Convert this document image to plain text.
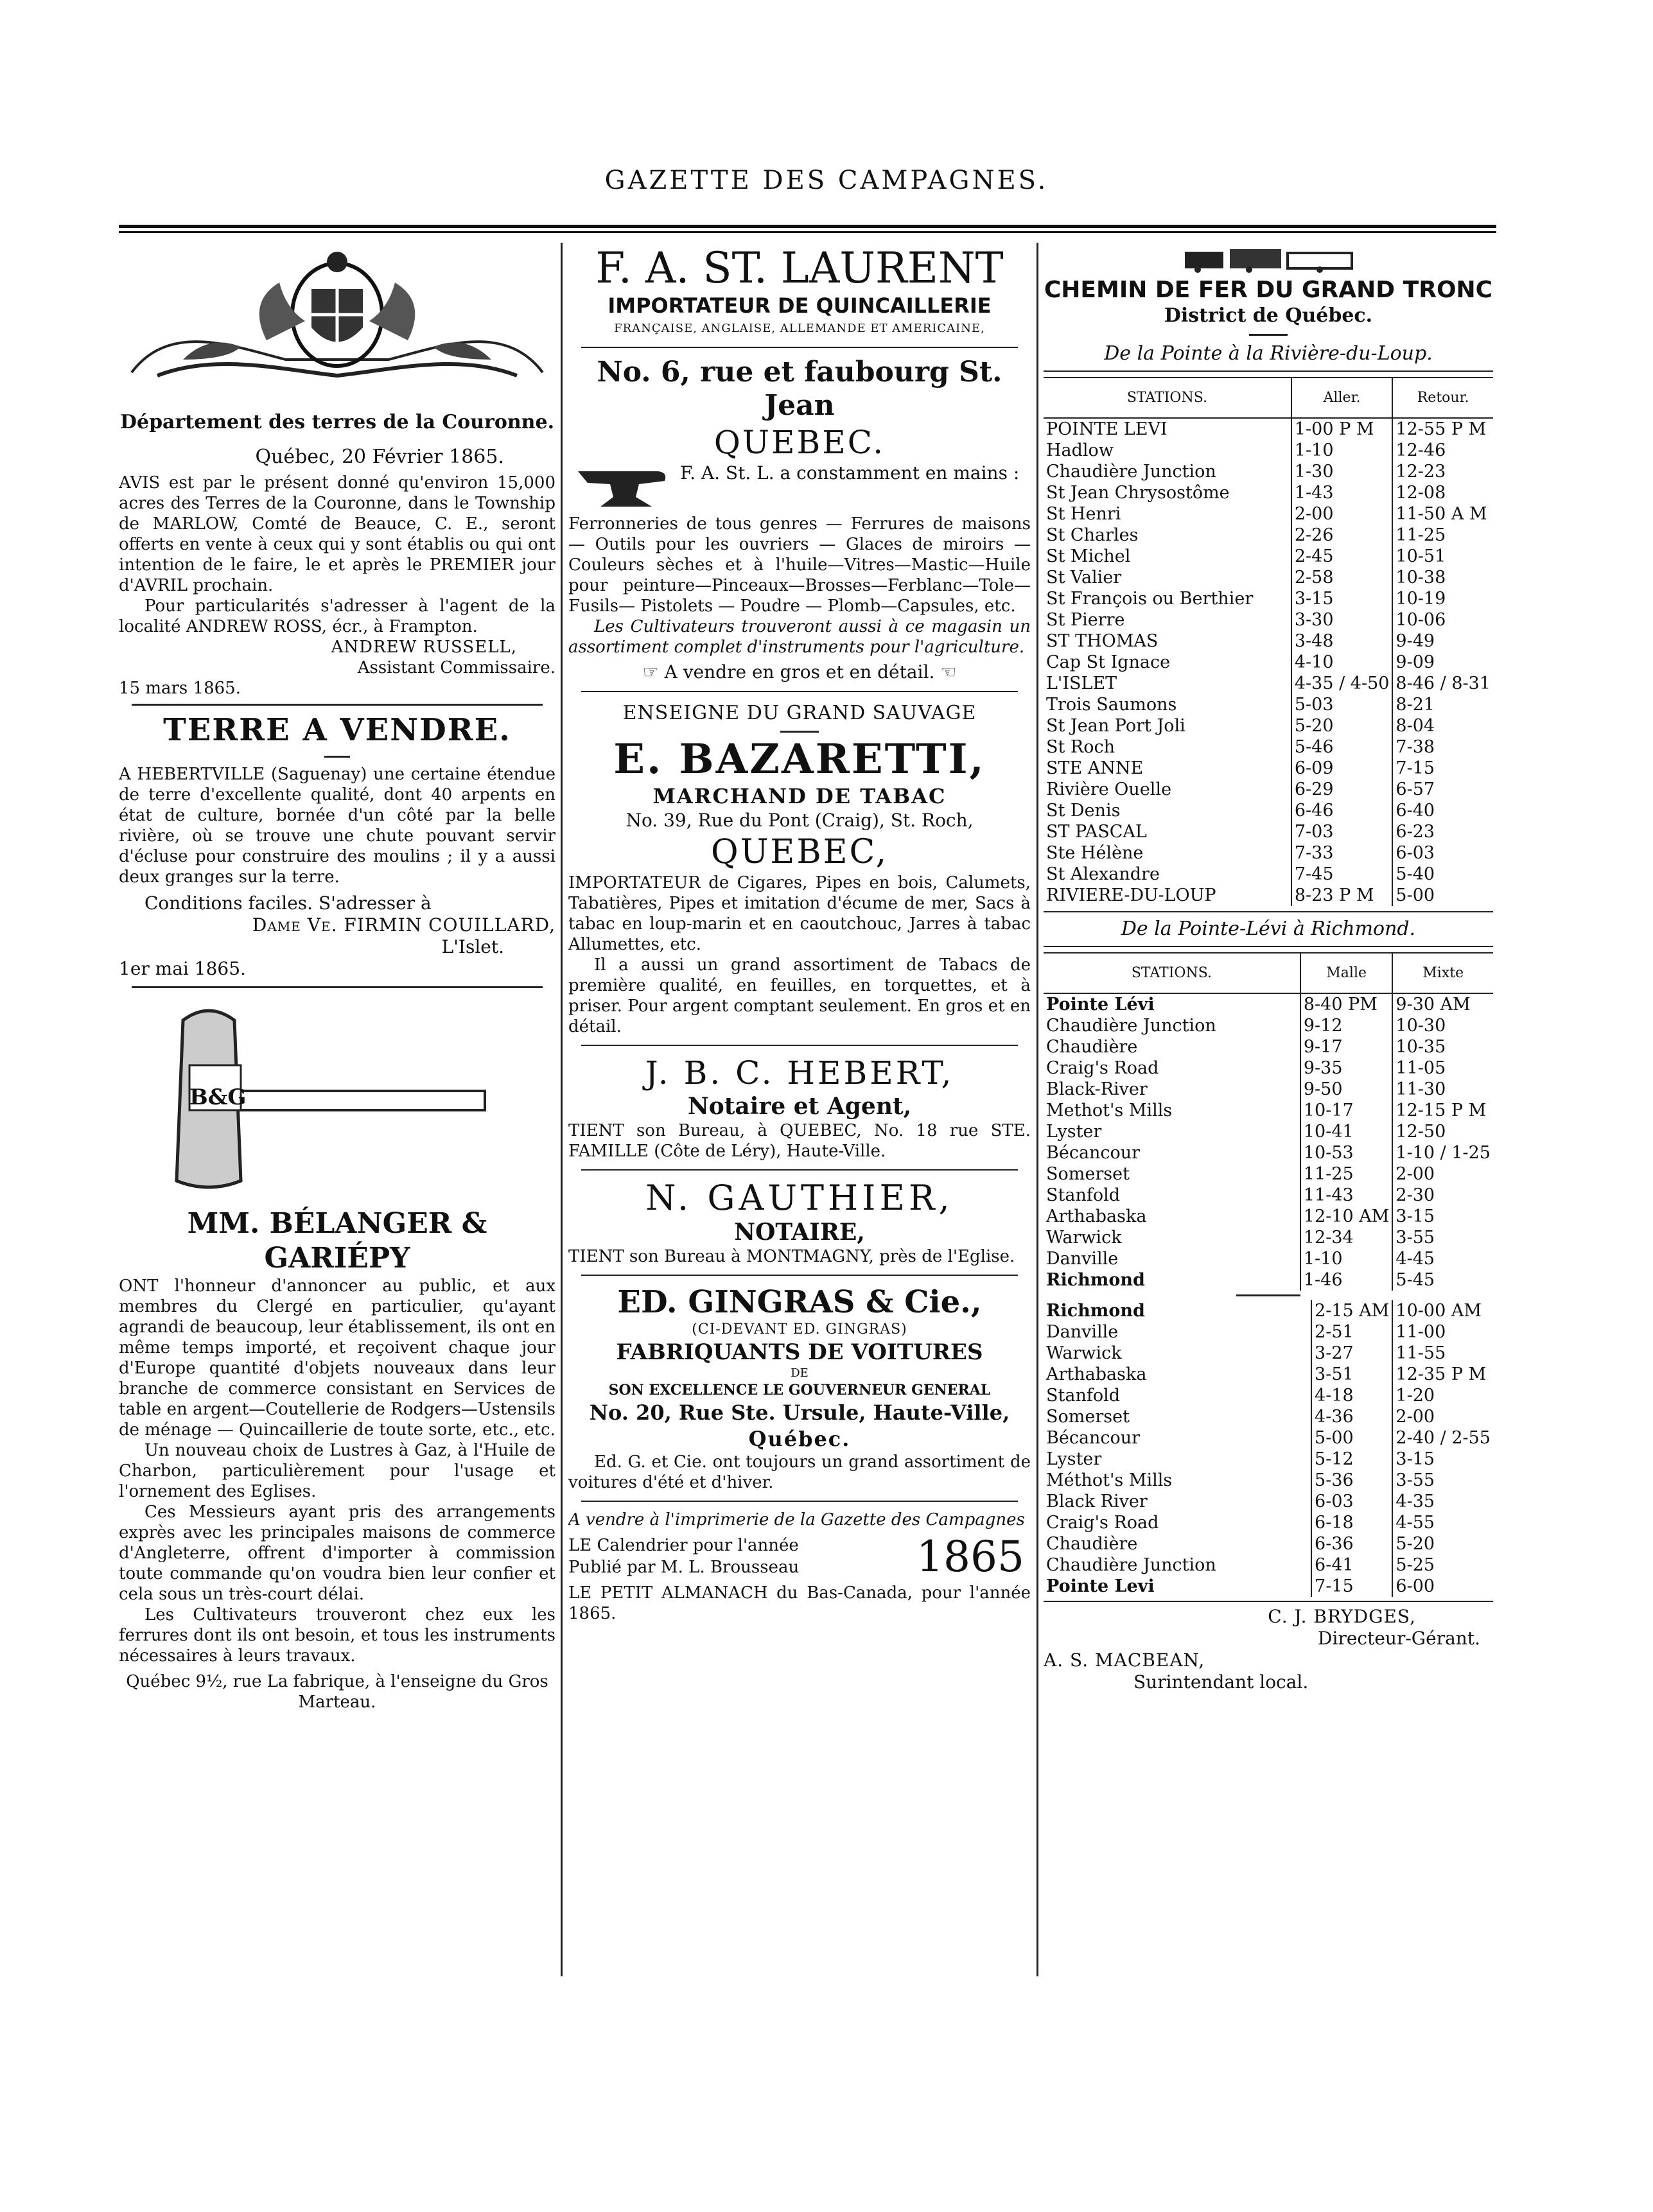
GAZETTE DES CAMPAGNES.

Département des terres de la Couronne.

Québec, 20 Février 1865.

AVIS est par le présent donné qu'environ 15,000 acres des Terres de la Couronne, dans le Township de MARLOW, Comté de Beauce, C. E., seront offerts en vente à ceux qui y sont établis ou qui ont intention de le faire, le et après le PREMIER jour d'AVRIL prochain.

Pour particularités s'adresser à l'agent de la localité ANDREW ROSS, écr., à Frampton.

ANDREW RUSSELL,

Assistant Commissaire.

15 mars 1865.

TERRE A VENDRE.

A HEBERTVILLE (Saguenay) une certaine étendue de terre d'excellente qualité, dont 40 arpents en état de culture, bornée d'un côté par la belle rivière, où se trouve une chute pouvant servir d'écluse pour construire des moulins ; il y a aussi deux granges sur la terre.

Conditions faciles. S'adresser à

Dame Ve. FIRMIN COUILLARD,

L'Islet.

1er mai 1865.

B&G

MM. BÉLANGER & GARIÉPY

ONT l'honneur d'annoncer au public, et aux membres du Clergé en particulier, qu'ayant agrandi de beaucoup, leur établissement, ils ont en même temps importé, et reçoivent chaque jour d'Europe quantité d'objets nouveaux dans leur branche de commerce consistant en Services de table en argent—Coutellerie de Rodgers—Ustensils de ménage — Quincaillerie de toute sorte, etc., etc.

Un nouveau choix de Lustres à Gaz, à l'Huile de Charbon, particulièrement pour l'usage et l'ornement des Eglises.

Ces Messieurs ayant pris des arrangements exprès avec les principales maisons de commerce d'Angleterre, offrent d'importer à commission toute commande qu'on voudra bien leur confier et cela sous un très-court délai.

Les Cultivateurs trouveront chez eux les ferrures dont ils ont besoin, et tous les instruments nécessaires à leurs travaux.

Québec 9½, rue La fabrique, à l'enseigne du Gros Marteau.

F. A. ST. LAURENT

IMPORTATEUR DE QUINCAILLERIE

FRANÇAISE, ANGLAISE, ALLEMANDE ET AMERICAINE,

No. 6, rue et faubourg St. Jean

QUEBEC.

F. A. St. L. a constamment en mains :

Ferronneries de tous genres — Ferrures de maisons — Outils pour les ouvriers — Glaces de miroirs — Couleurs sèches et à l'huile—Vitres—Mastic—Huile pour peinture—Pinceaux—Brosses—Ferblanc—Tole—Fusils— Pistolets — Poudre — Plomb—Capsules, etc.

Les Cultivateurs trouveront aussi à ce magasin un assortiment complet d'instruments pour l'agriculture.

☞ A vendre en gros et en détail. ☜

ENSEIGNE DU GRAND SAUVAGE

E. BAZARETTI,

MARCHAND DE TABAC

No. 39, Rue du Pont (Craig), St. Roch,

QUEBEC,

IMPORTATEUR de Cigares, Pipes en bois, Calumets, Tabatières, Pipes et imitation d'écume de mer, Sacs à tabac en loup-marin et en caoutchouc, Jarres à tabac Allumettes, etc.

Il a aussi un grand assortiment de Tabacs de première qualité, en feuilles, en torquettes, et à priser. Pour argent comptant seulement. En gros et en détail.

J. B. C. HEBERT,

Notaire et Agent,

TIENT son Bureau, à QUEBEC, No. 18 rue STE. FAMILLE (Côte de Léry), Haute-Ville.

N. GAUTHIER,

NOTAIRE,

TIENT son Bureau à MONTMAGNY, près de l'Eglise.

ED. GINGRAS & Cie.,

(CI-DEVANT ED. GINGRAS)

FABRIQUANTS DE VOITURES

DE

SON EXCELLENCE LE GOUVERNEUR GENERAL

No. 20, Rue Ste. Ursule, Haute-Ville,

Québec.

Ed. G. et Cie. ont toujours un grand assortiment de voitures d'été et d'hiver.

A vendre à l'imprimerie de la Gazette des Campagnes

LE Calendrier pour l'année

Publié par M. L. Brousseau	1865

LE PETIT ALMANACH du Bas-Canada, pour l'année 1865.

CHEMIN DE FER DU GRAND TRONC

District de Québec.

De la Pointe à la Rivière-du-Loup.

STATIONS.	Aller.	Retour.
POINTE LEVI	1-00 P M	12-55 P M
Hadlow	1-10	12-46
Chaudière Junction	1-30	12-23
St Jean Chrysostôme	1-43	12-08
St Henri	2-00	11-50 A M
St Charles	2-26	11-25
St Michel	2-45	10-51
St Valier	2-58	10-38
St François ou Berthier	3-15	10-19
St Pierre	3-30	10-06
ST THOMAS	3-48	9-49
Cap St Ignace	4-10	9-09
L'ISLET	4-35 / 4-50	8-46 / 8-31
Trois Saumons	5-03	8-21
St Jean Port Joli	5-20	8-04
St Roch	5-46	7-38
STE ANNE	6-09	7-15
Rivière Ouelle	6-29	6-57
St Denis	6-46	6-40
ST PASCAL	7-03	6-23
Ste Hélène	7-33	6-03
St Alexandre	7-45	5-40
RIVIERE-DU-LOUP	8-23 P M	5-00

De la Pointe-Lévi à Richmond.

STATIONS.	Malle	Mixte
Pointe Lévi	8-40 PM	9-30 AM
Chaudière Junction	9-12	10-30
Chaudière	9-17	10-35
Craig's Road	9-35	11-05
Black-River	9-50	11-30
Methot's Mills	10-17	12-15 P M
Lyster	10-41	12-50
Bécancour	10-53	1-10 / 1-25
Somerset	11-25	2-00
Stanfold	11-43	2-30
Arthabaska	12-10 AM	3-15
Warwick	12-34	3-55
Danville	1-10	4-45
Richmond	1-46	5-45
Richmond	2-15 AM	10-00 AM
Danville	2-51	11-00
Warwick	3-27	11-55
Arthabaska	3-51	12-35 P M
Stanfold	4-18	1-20
Somerset	4-36	2-00
Bécancour	5-00	2-40 / 2-55
Lyster	5-12	3-15
Méthot's Mills	5-36	3-55
Black River	6-03	4-35
Craig's Road	6-18	4-55
Chaudière	6-36	5-20
Chaudière Junction	6-41	5-25
Pointe Levi	7-15	6-00

C. J. BRYDGES,

Directeur-Gérant.

A. S. MACBEAN,

Surintendant local.
